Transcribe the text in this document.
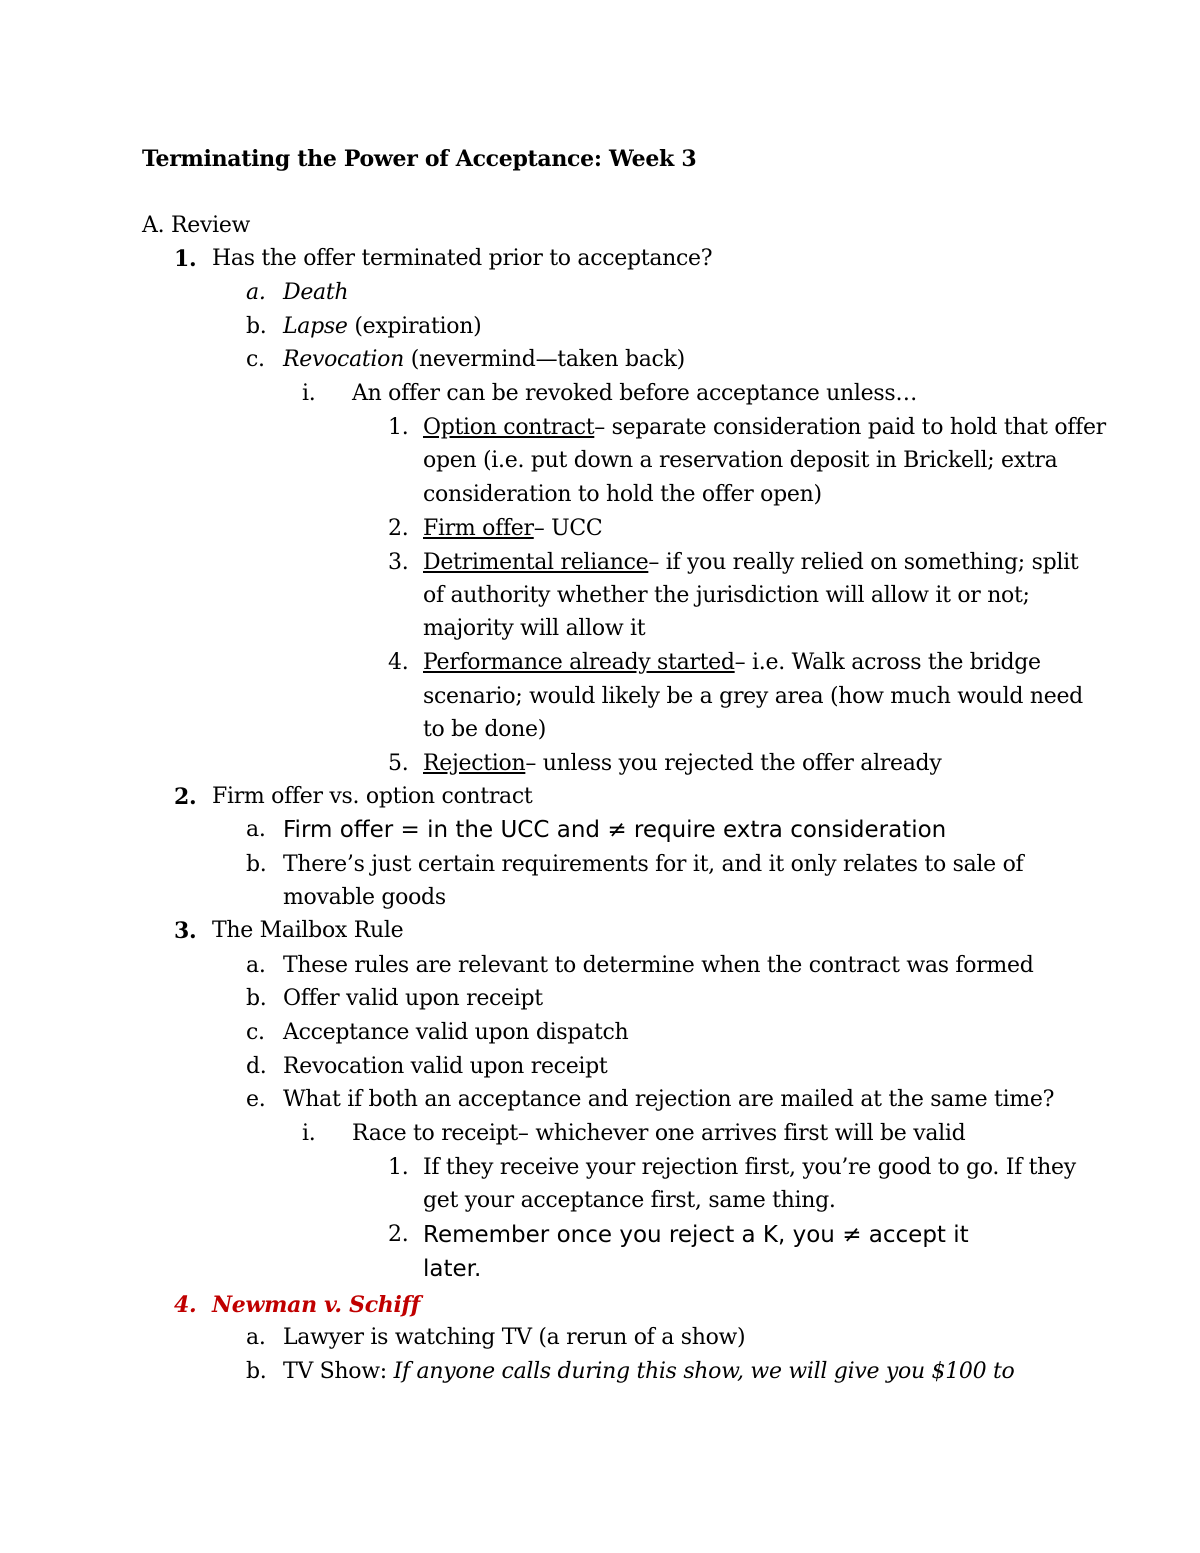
Terminating the Power of Acceptance: Week 3
A. Review
1. Has the offer terminated prior to acceptance?
a. Death
b. Lapse (expiration)
c. Revocation (nevermind—taken back)
i. An offer can be revoked before acceptance unless…
1. Option contract– separate consideration paid to hold that offer
open (i.e. put down a reservation deposit in Brickell; extra
consideration to hold the offer open)
2. Firm offer– UCC
3. Detrimental reliance– if you really relied on something; split
of authority whether the jurisdiction will allow it or not;
majority will allow it
4. Performance already started– i.e. Walk across the bridge
scenario; would likely be a grey area (how much would need
to be done)
5. Rejection– unless you rejected the offer already
2. Firm offer vs. option contract
a. Firm offer = in the UCC and ≠ require extra consideration
b. There’s just certain requirements for it, and it only relates to sale of
movable goods
3. The Mailbox Rule
a. These rules are relevant to determine when the contract was formed
b. Offer valid upon receipt
c. Acceptance valid upon dispatch
d. Revocation valid upon receipt
e. What if both an acceptance and rejection are mailed at the same time?
i. Race to receipt– whichever one arrives first will be valid
1. If they receive your rejection first, you’re good to go. If they
get your acceptance first, same thing.
2. Remember once you reject a K, you ≠ accept it
later.
4. Newman v. Schiff
a. Lawyer is watching TV (a rerun of a show)
b. TV Show: If anyone calls during this show, we will give you $100 to
